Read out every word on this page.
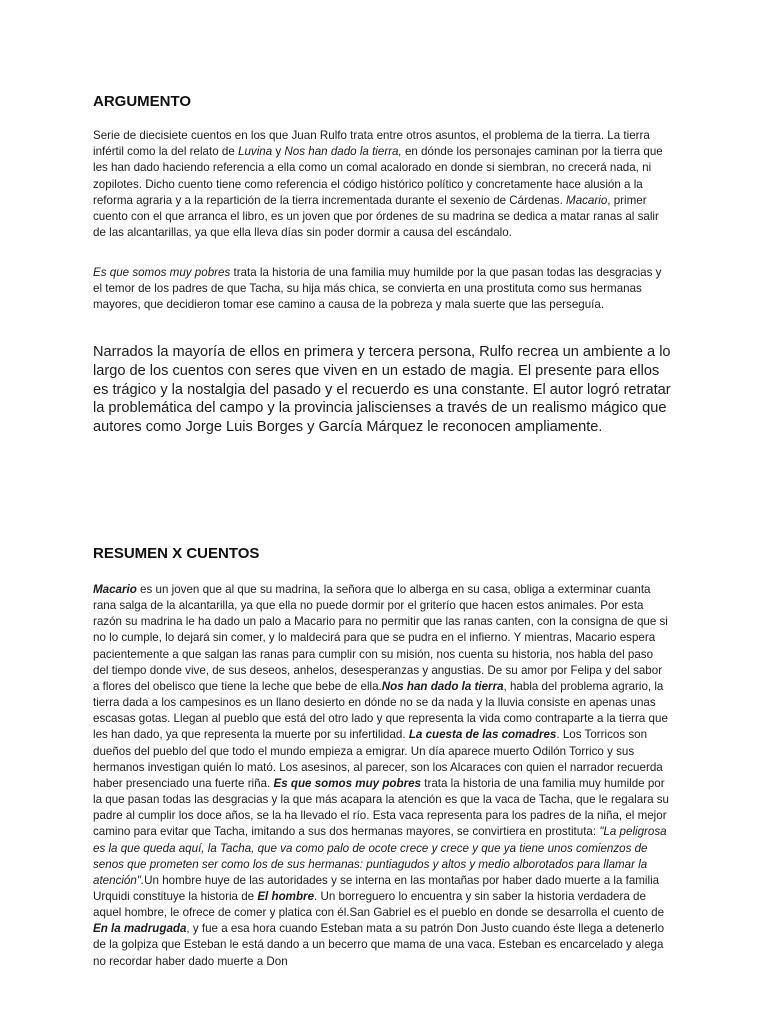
ARGUMENTO

Serie de diecisiete cuentos en los que Juan Rulfo trata entre otros asuntos, el problema de la tierra. La tierra infértil como la del relato de Luvina y Nos han dado la tierra, en dónde los personajes caminan por la tierra que les han dado haciendo referencia a ella como un comal acalorado en donde si siembran, no crecerá nada, ni zopilotes. Dicho cuento tiene como referencia el código histórico político y concretamente hace alusión a la reforma agraria y a la repartición de la tierra incrementada durante el sexenio de Cárdenas. Macario, primer cuento con el que arranca el libro, es un joven que por órdenes de su madrina se dedica a matar ranas al salir de las alcantarillas, ya que ella lleva días sin poder dormir a causa del escándalo.

Es que somos muy pobres trata la historia de una familia muy humilde por la que pasan todas las desgracias y el temor de los padres de que Tacha, su hija más chica, se convierta en una prostituta como sus hermanas mayores, que decidieron tomar ese camino a causa de la pobreza y mala suerte que las perseguía.

Narrados la mayoría de ellos en primera y tercera persona, Rulfo recrea un ambiente a lo largo de los cuentos con seres que viven en un estado de magia. El presente para ellos es trágico y la nostalgia del pasado y el recuerdo es una constante. El autor logró retratar la problemática del campo y la provincia jaliscienses a través de un realismo mágico que autores como Jorge Luis Borges y García Márquez le reconocen ampliamente.

RESUMEN X CUENTOS

Macario es un joven que al que su madrina, la señora que lo alberga en su casa, obliga a exterminar cuanta rana salga de la alcantarilla, ya que ella no puede dormir por el griterío que hacen estos animales. Por esta razón su madrina le ha dado un palo a Macario para no permitir que las ranas canten, con la consigna de que si no lo cumple, lo dejará sin comer, y lo maldecirá para que se pudra en el infierno. Y mientras, Macario espera pacientemente a que salgan las ranas para cumplir con su misión, nos cuenta su historia, nos habla del paso del tiempo donde vive, de sus deseos, anhelos, desesperanzas y angustias. De su amor por Felipa y del sabor a flores del obelisco que tiene la leche que bebe de ella.Nos han dado la tierra, habla del problema agrario, la tierra dada a los campesinos es un llano desierto en dónde no se da nada y la lluvia consiste en apenas unas escasas gotas. Llegan al pueblo que está del otro lado y que representa la vida como contraparte a la tierra que les han dado, ya que representa la muerte por su infertilidad. La cuesta de las comadres. Los Torricos son dueños del pueblo del que todo el mundo empieza a emigrar. Un día aparece muerto Odilón Torrico y sus hermanos investigan quién lo mató. Los asesinos, al parecer, son los Alcaraces con quien el narrador recuerda haber presenciado una fuerte riña. Es que somos muy pobres trata la historia de una familia muy humilde por la que pasan todas las desgracias y la que más acapara la atención es que la vaca de Tacha, que le regalara su padre al cumplir los doce años, se la ha llevado el río. Esta vaca representa para los padres de la niña, el mejor camino para evitar que Tacha, imitando a sus dos hermanas mayores, se convirtiera en prostituta: "La peligrosa es la que queda aquí, la Tacha, que va como palo de ocote crece y crece y que ya tiene unos comienzos de senos que prometen ser como los de sus hermanas: puntiagudos y altos y medio alborotados para llamar la atención".Un hombre huye de las autoridades y se interna en las montañas por haber dado muerte a la familia Urquidi constituye la historia de El hombre. Un borreguero lo encuentra y sin saber la historia verdadera de aquel hombre, le ofrece de comer y platica con él.San Gabriel es el pueblo en donde se desarrolla el cuento de En la madrugada, y fue a esa hora cuando Esteban mata a su patrón Don Justo cuando éste llega a detenerlo de la golpiza que Esteban le está dando a un becerro que mama de una vaca. Esteban es encarcelado y alega no recordar haber dado muerte a Don
